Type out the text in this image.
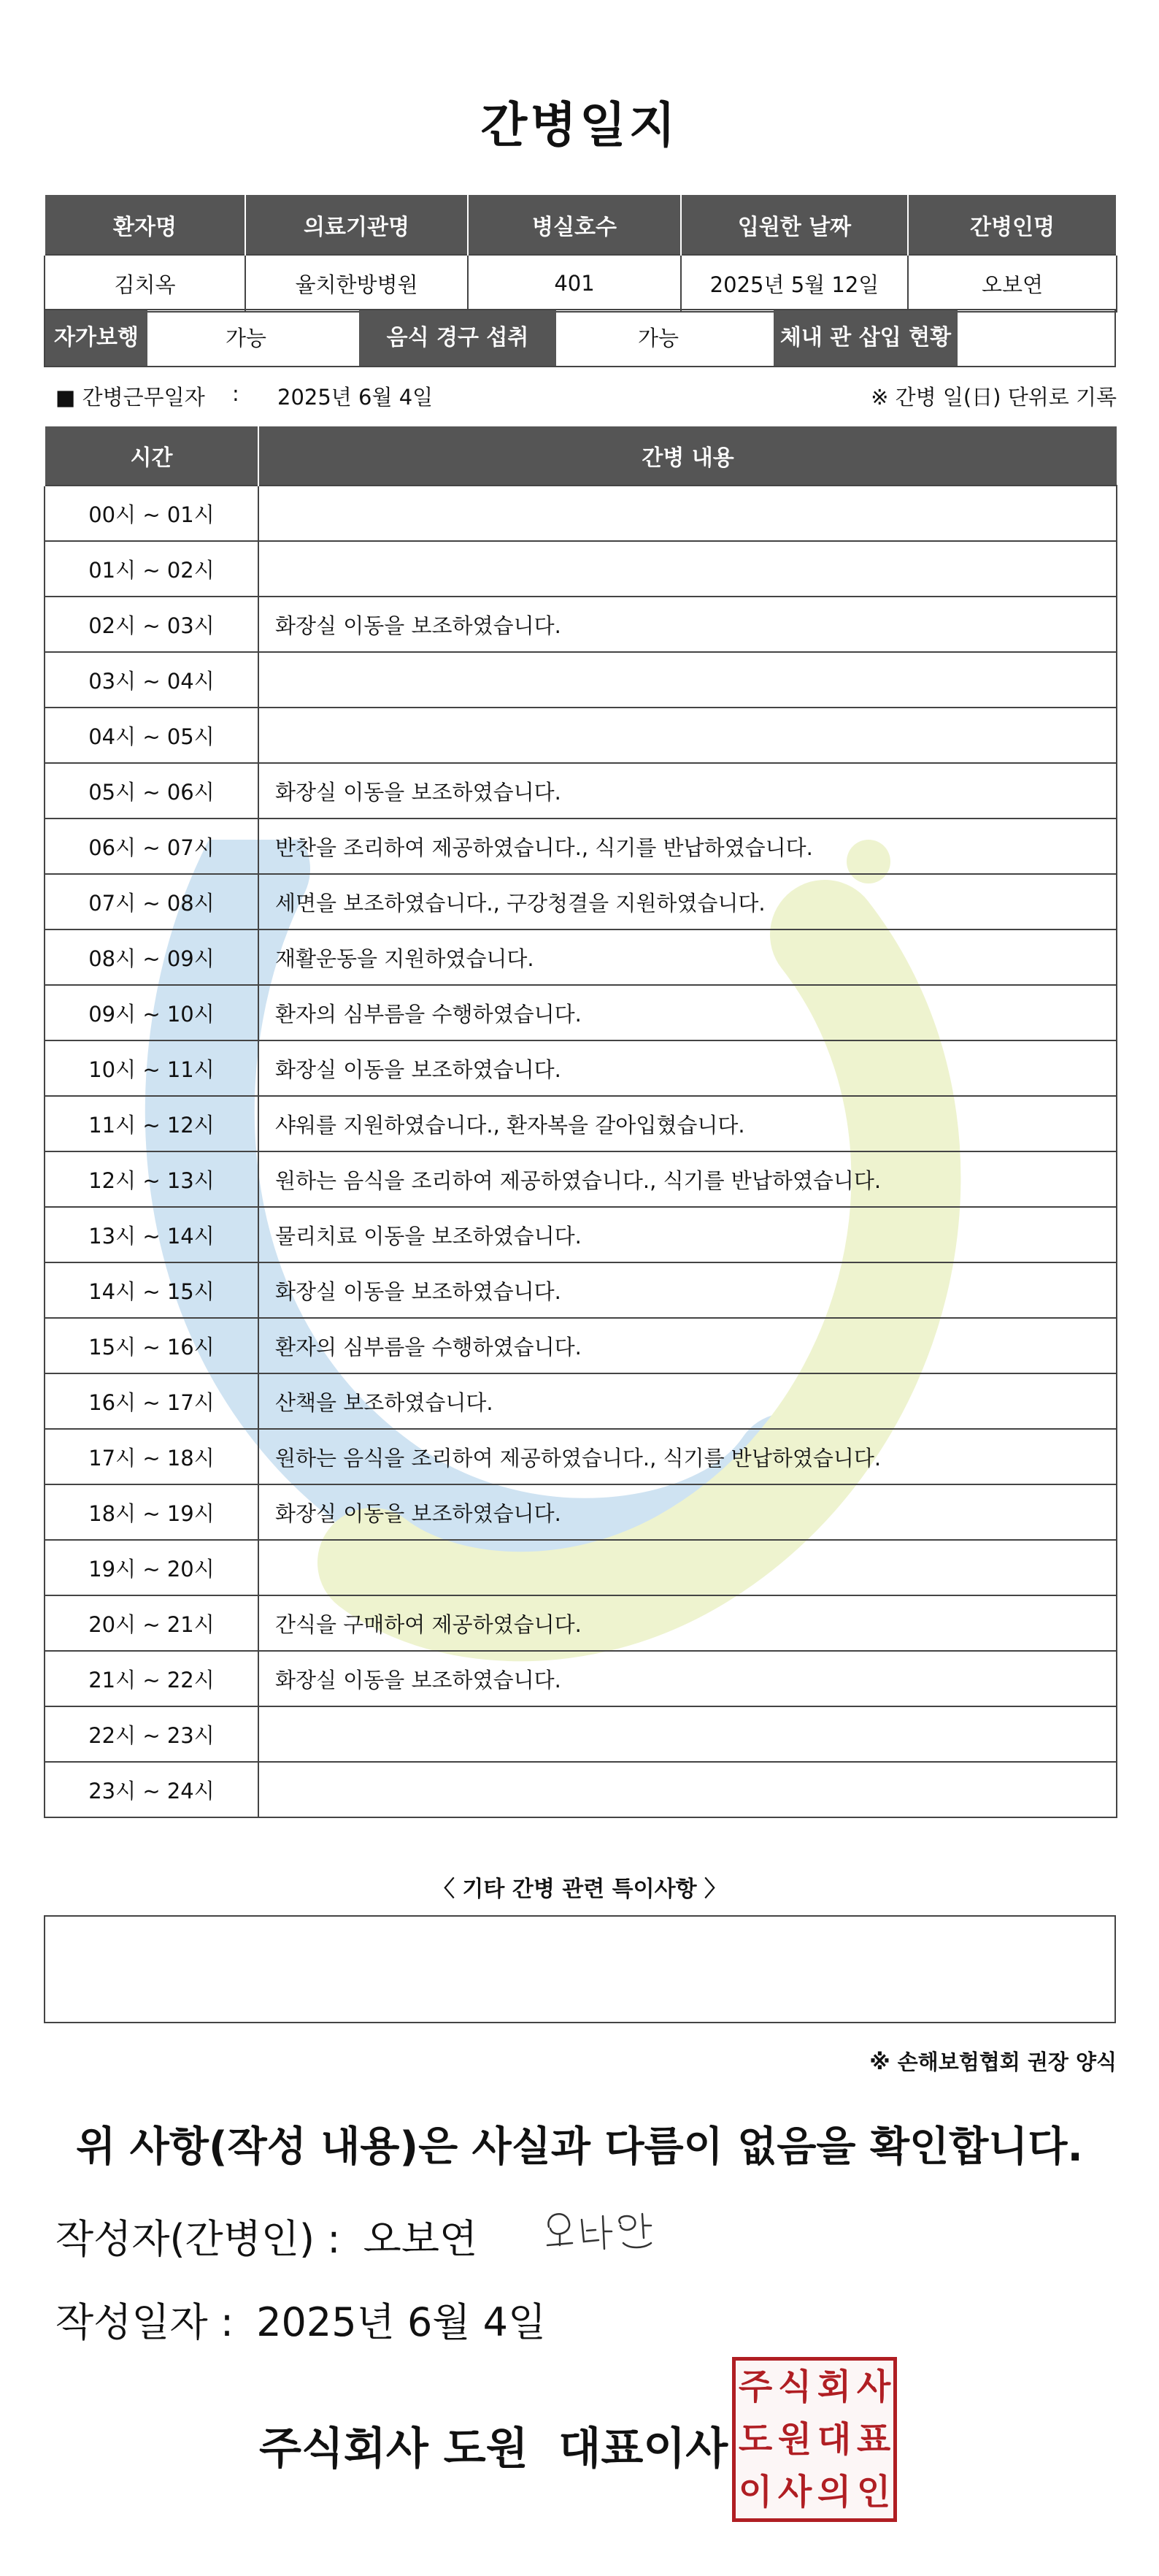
간병일지
환자명	의료기관명	병실호수	입원한 날짜	간병인명
김치옥	율치한방병원	401	2025년 5월 12일	오보연
자가보행	가능	음식 경구 섭취	가능	체내 관 삽입 현황
■ 간병근무일자 : 2025년 6월 4일	※ 간병 일(日) 단위로 기록
시간	간병 내용
00시 ~ 01시	
01시 ~ 02시	
02시 ~ 03시	화장실 이동을 보조하였습니다.
03시 ~ 04시	
04시 ~ 05시	
05시 ~ 06시	화장실 이동을 보조하였습니다.
06시 ~ 07시	반찬을 조리하여 제공하였습니다., 식기를 반납하였습니다.
07시 ~ 08시	세면을 보조하였습니다., 구강청결을 지원하였습니다.
08시 ~ 09시	재활운동을 지원하였습니다.
09시 ~ 10시	환자의 심부름을 수행하였습니다.
10시 ~ 11시	화장실 이동을 보조하였습니다.
11시 ~ 12시	샤워를 지원하였습니다., 환자복을 갈아입혔습니다.
12시 ~ 13시	원하는 음식을 조리하여 제공하였습니다., 식기를 반납하였습니다.
13시 ~ 14시	물리치료 이동을 보조하였습니다.
14시 ~ 15시	화장실 이동을 보조하였습니다.
15시 ~ 16시	환자의 심부름을 수행하였습니다.
16시 ~ 17시	산책을 보조하였습니다.
17시 ~ 18시	원하는 음식을 조리하여 제공하였습니다., 식기를 반납하였습니다.
18시 ~ 19시	화장실 이동을 보조하였습니다.
19시 ~ 20시	
20시 ~ 21시	간식을 구매하여 제공하였습니다.
21시 ~ 22시	화장실 이동을 보조하였습니다.
22시 ~ 23시	
23시 ~ 24시	
〈 기타 간병 관련 특이사항 〉
※ 손해보험협회 권장 양식
위 사항(작성 내용)은 사실과 다름이 없음을 확인합니다.
작성자(간병인) : 오보연
작성일자 : 2025년 6월 4일
주식회사 도원  대표이사
주 식 회 사
도 원 대 표
이 사 의 인
